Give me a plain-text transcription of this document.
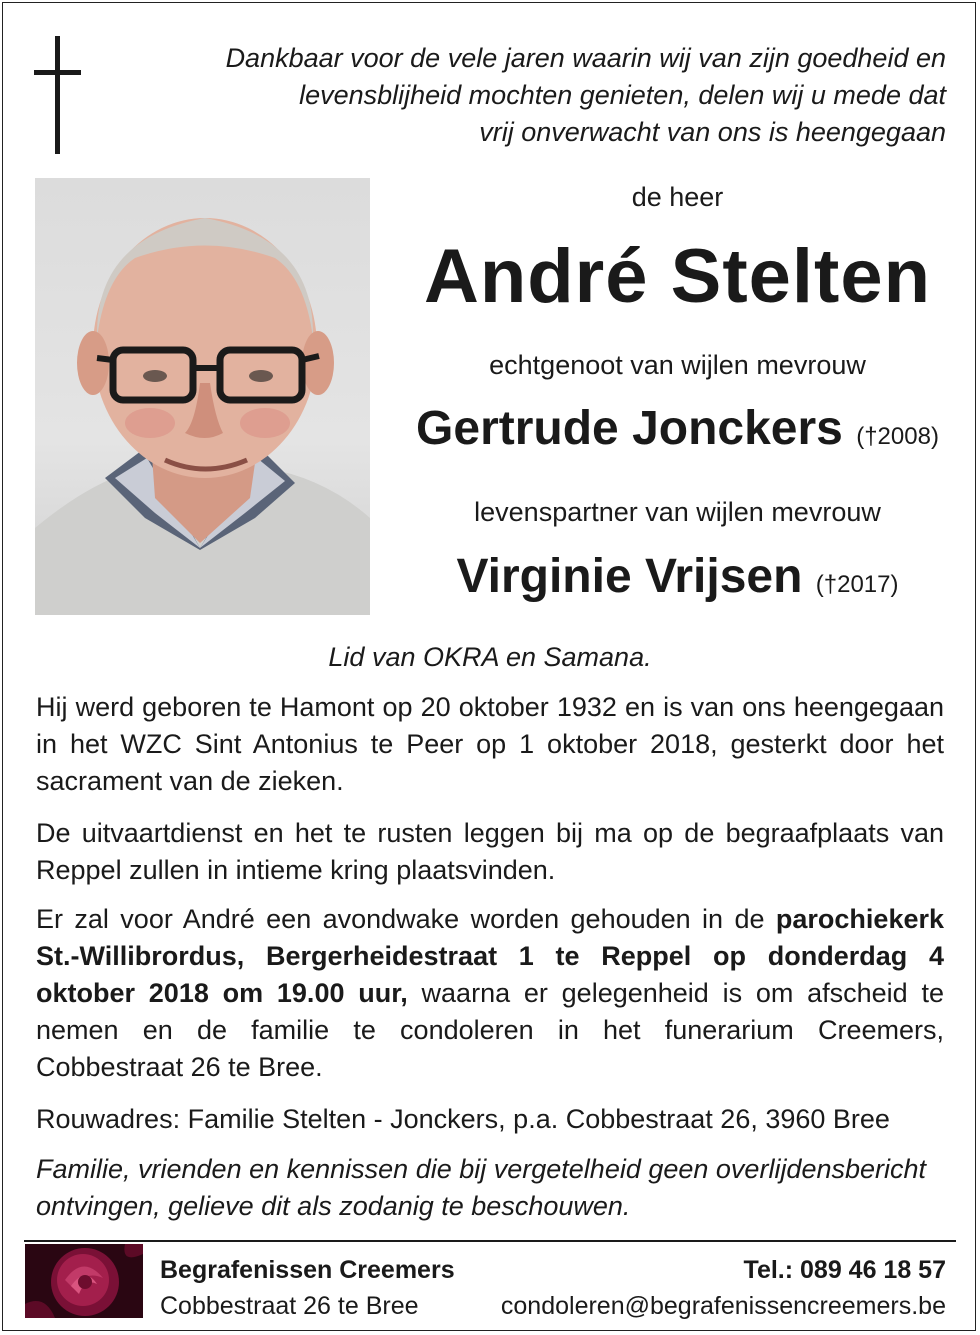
Dankbaar voor de vele jaren waarin wij van zijn goedheid en
levensblijheid mochten genieten, delen wij u mede dat
vrij onverwacht van ons is heengegaan
de heer
André Stelten
echtgenoot van wijlen mevrouw
Gertrude Jonckers (†2008)
levenspartner van wijlen mevrouw
Virginie Vrijsen (†2017)
Lid van OKRA en Samana.
Hij werd geboren te Hamont op 20 oktober 1932 en is van ons heengegaan in het WZC Sint Antonius te Peer op 1 oktober 2018, gesterkt door het sacrament van de zieken.
De uitvaartdienst en het te rusten leggen bij ma op de begraafplaats van Reppel zullen in intieme kring plaatsvinden.
Er zal voor André een avondwake worden gehouden in de parochiekerk St.-Willibrordus, Bergerheidestraat 1 te Reppel op donderdag 4 oktober 2018 om 19.00 uur, waarna er gelegenheid is om afscheid te nemen en de familie te condoleren in het funerarium Creemers, Cobbestraat 26 te Bree.
Rouwadres: Familie Stelten - Jonckers, p.a. Cobbestraat 26, 3960 Bree
Familie, vrienden en kennissen die bij vergetelheid geen overlijdensbericht ontvingen, gelieve dit als zodanig te beschouwen.
Begrafenissen Creemers
Cobbestraat 26 te Bree
Tel.: 089 46 18 57
condoleren@begrafenissencreemers.be
